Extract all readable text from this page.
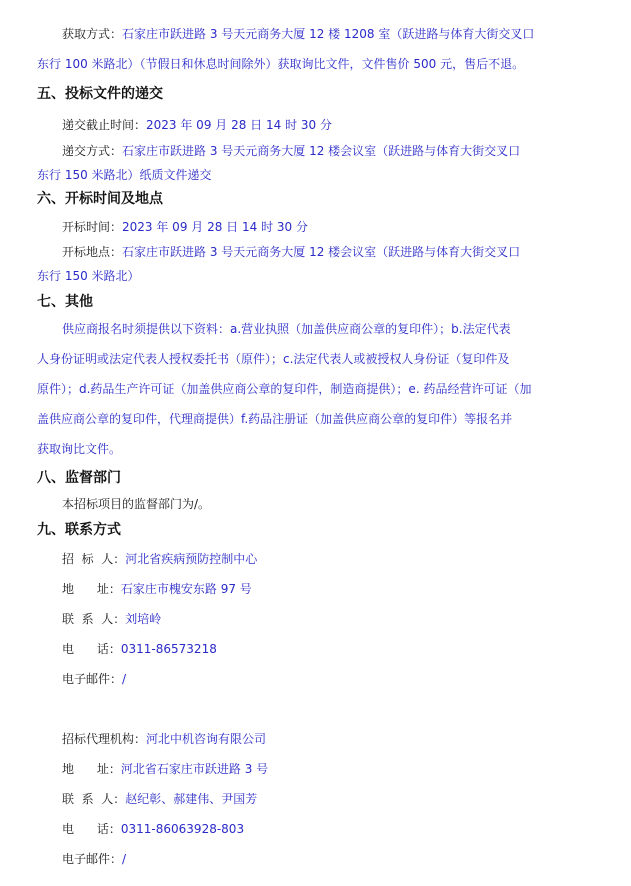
获取方式：石家庄市跃进路 3 号天元商务大厦 12 楼 1208 室（跃进路与体育大街交叉口
东行 100 米路北）（节假日和休息时间除外）获取询比文件，文件售价 500 元，售后不退。
五、投标文件的递交
递交截止时间：2023 年 09 月 28 日 14 时 30 分
递交方式：石家庄市跃进路 3 号天元商务大厦 12 楼会议室（跃进路与体育大街交叉口
东行 150 米路北）纸质文件递交
六、开标时间及地点
开标时间：2023 年 09 月 28 日 14 时 30 分
开标地点：石家庄市跃进路 3 号天元商务大厦 12 楼会议室（跃进路与体育大街交叉口
东行 150 米路北）
七、其他
供应商报名时须提供以下资料：a.营业执照（加盖供应商公章的复印件）；b.法定代表
人身份证明或法定代表人授权委托书（原件）；c.法定代表人或被授权人身份证（复印件及
原件）；d.药品生产许可证（加盖供应商公章的复印件，制造商提供）；e. 药品经营许可证（加
盖供应商公章的复印件，代理商提供）f.药品注册证（加盖供应商公章的复印件）等报名并
获取询比文件。
八、监督部门
本招标项目的监督部门为/。
九、联系方式
招  标  人：河北省疾病预防控制中心
地      址：石家庄市槐安东路 97 号
联  系  人：刘培岭
电      话：0311-86573218
电子邮件：/
招标代理机构：河北中机咨询有限公司
地      址：河北省石家庄市跃进路 3 号
联  系  人：赵纪彰、郝建伟、尹国芳
电      话：0311-86063928-803
电子邮件：/
